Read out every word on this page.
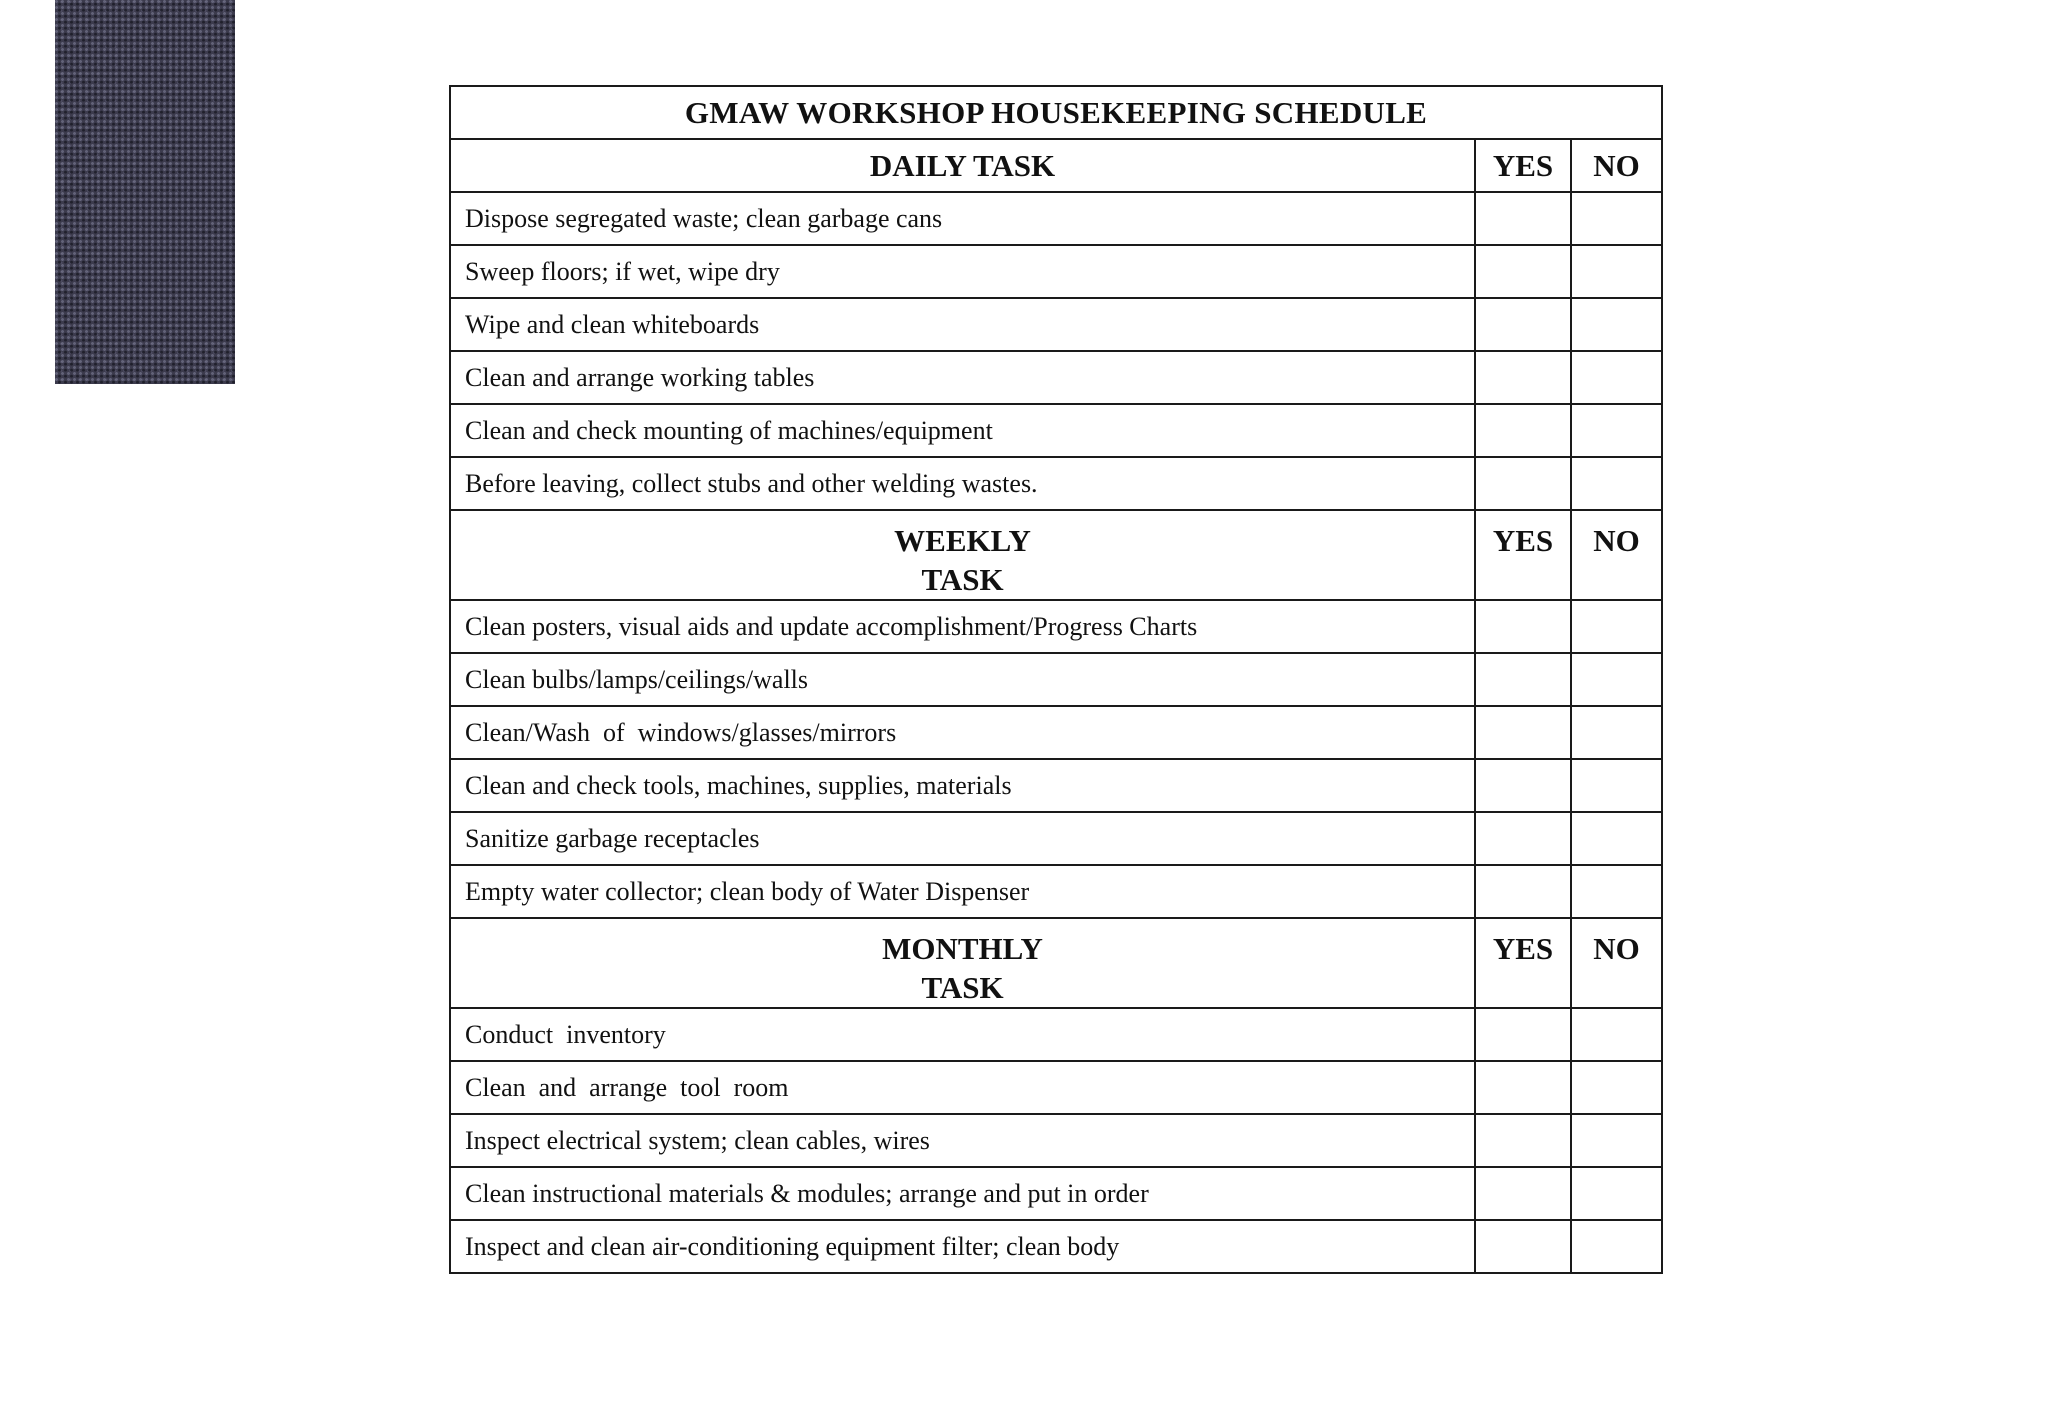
GMAW WORKSHOP HOUSEKEEPING SCHEDULE		
DAILY TASK	YES	NO
Dispose segregated waste; clean garbage cans		
Sweep floors; if wet, wipe dry		
Wipe and clean whiteboards		
Clean and arrange working tables		
Clean and check mounting of machines/equipment		
Before leaving, collect stubs and other welding wastes.		

WEEKLY
TASK	YES	NO
Clean posters, visual aids and update accomplishment/Progress Charts		
Clean bulbs/lamps/ceilings/walls		
Clean/Wash  of  windows/glasses/mirrors		
Clean and check tools, machines, supplies, materials		
Sanitize garbage receptacles		
Empty water collector; clean body of Water Dispenser		

MONTHLY
TASK	YES	NO
Conduct  inventory		
Clean  and  arrange  tool  room		
Inspect electrical system; clean cables, wires		
Clean instructional materials & modules; arrange and put in order		
Inspect and clean air-conditioning equipment filter; clean body		
